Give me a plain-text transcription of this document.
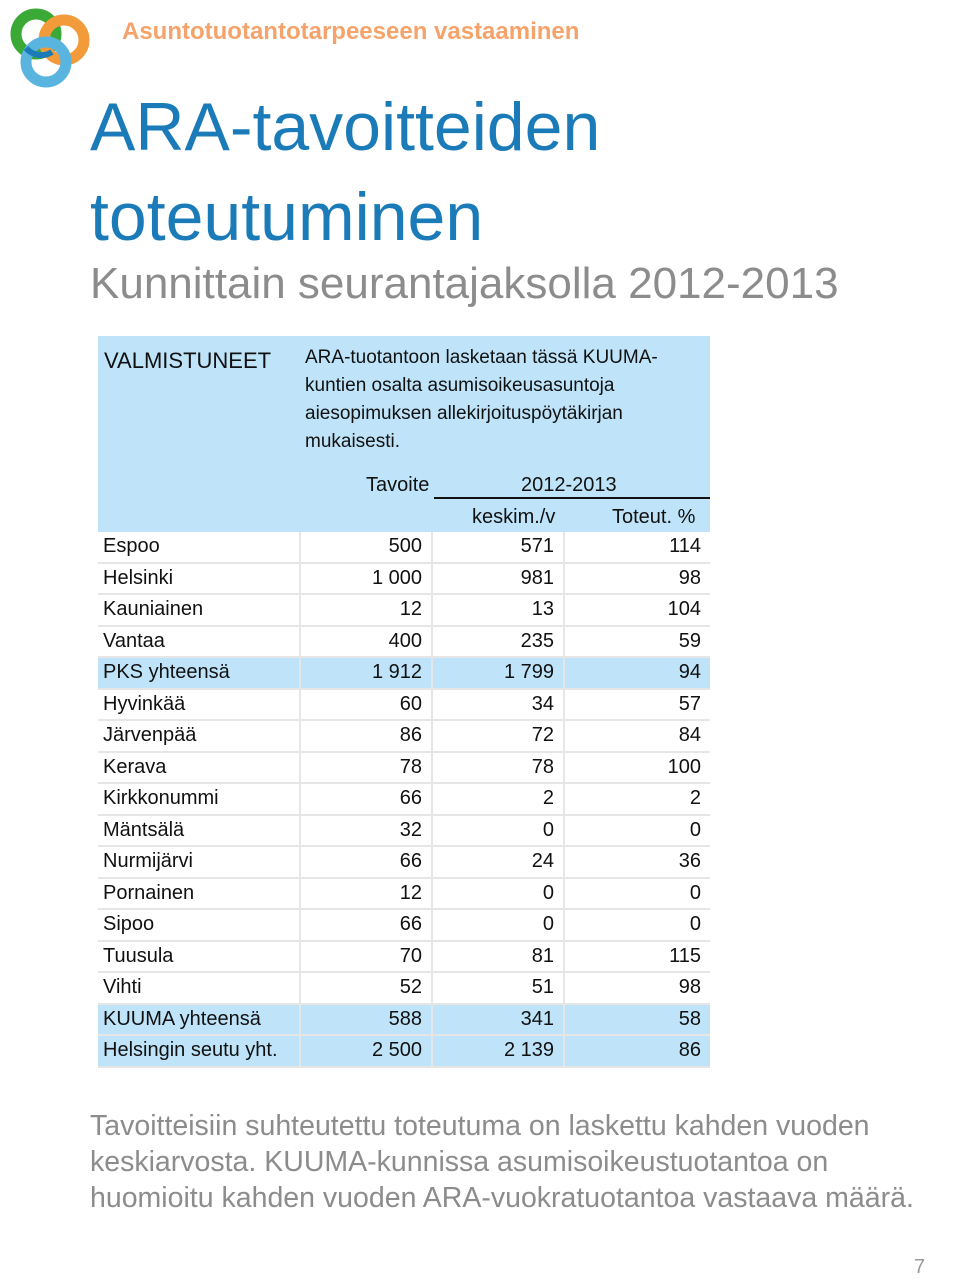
Asuntotuotantotarpeeseen vastaaminen
ARA-tavoitteiden
toteutuminen
Kunnittain seurantajaksolla 2012-2013
VALMISTUNEET ARA-tuotantoon lasketaan tässä KUUMA-kuntien osalta asumisoikeusasuntoja aiesopimuksen allekirjoituspöytäkirjan mukaisesti.
Tavoite	2012-2013
keskim./v	Toteut. %
Espoo	500	571	114
Helsinki	1 000	981	98
Kauniainen	12	13	104
Vantaa	400	235	59
PKS yhteensä	1 912	1 799	94
Hyvinkää	60	34	57
Järvenpää	86	72	84
Kerava	78	78	100
Kirkkonummi	66	2	2
Mäntsälä	32	0	0
Nurmijärvi	66	24	36
Pornainen	12	0	0
Sipoo	66	0	0
Tuusula	70	81	115
Vihti	52	51	98
KUUMA yhteensä	588	341	58
Helsingin seutu yht.	2 500	2 139	86
Tavoitteisiin suhteutettu toteutuma on laskettu kahden vuoden keskiarvosta. KUUMA-kunnissa asumisoikeustuotantoa on huomioitu kahden vuoden ARA-vuokratuotantoa vastaava määrä.
7
